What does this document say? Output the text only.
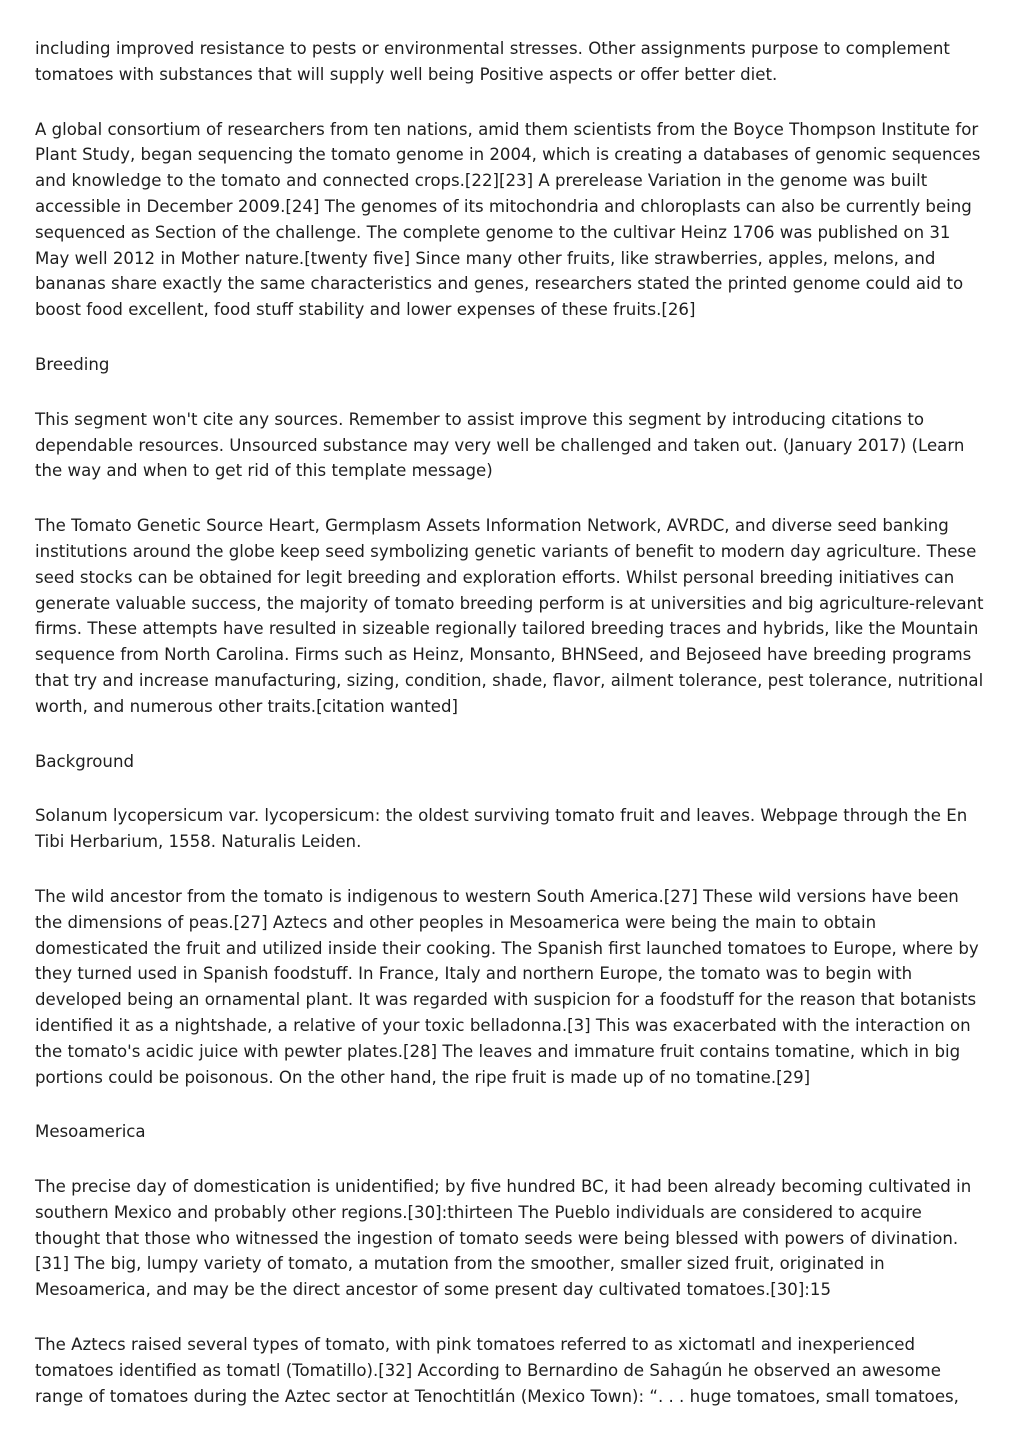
including improved resistance to pests or environmental stresses. Other assignments purpose to complement tomatoes with substances that will supply well being Positive aspects or offer better diet.

A global consortium of researchers from ten nations, amid them scientists from the Boyce Thompson Institute for Plant Study, began sequencing the tomato genome in 2004, which is creating a databases of genomic sequences and knowledge to the tomato and connected crops.[22][23] A prerelease Variation in the genome was built accessible in December 2009.[24] The genomes of its mitochondria and chloroplasts can also be currently being sequenced as Section of the challenge. The complete genome to the cultivar Heinz 1706 was published on 31 May well 2012 in Mother nature.[twenty five] Since many other fruits, like strawberries, apples, melons, and bananas share exactly the same characteristics and genes, researchers stated the printed genome could aid to boost food excellent, food stuff stability and lower expenses of these fruits.[26]

Breeding

This segment won't cite any sources. Remember to assist improve this segment by introducing citations to dependable resources. Unsourced substance may very well be challenged and taken out. (January 2017) (Learn the way and when to get rid of this template message)

The Tomato Genetic Source Heart, Germplasm Assets Information Network, AVRDC, and diverse seed banking institutions around the globe keep seed symbolizing genetic variants of benefit to modern day agriculture. These seed stocks can be obtained for legit breeding and exploration efforts. Whilst personal breeding initiatives can generate valuable success, the majority of tomato breeding perform is at universities and big agriculture-relevant firms. These attempts have resulted in sizeable regionally tailored breeding traces and hybrids, like the Mountain sequence from North Carolina. Firms such as Heinz, Monsanto, BHNSeed, and Bejoseed have breeding programs that try and increase manufacturing, sizing, condition, shade, flavor, ailment tolerance, pest tolerance, nutritional worth, and numerous other traits.[citation wanted]

Background

Solanum lycopersicum var. lycopersicum: the oldest surviving tomato fruit and leaves. Webpage through the En Tibi Herbarium, 1558. Naturalis Leiden.

The wild ancestor from the tomato is indigenous to western South America.[27] These wild versions have been the dimensions of peas.[27] Aztecs and other peoples in Mesoamerica were being the main to obtain domesticated the fruit and utilized inside their cooking. The Spanish first launched tomatoes to Europe, where by they turned used in Spanish foodstuff. In France, Italy and northern Europe, the tomato was to begin with developed being an ornamental plant. It was regarded with suspicion for a foodstuff for the reason that botanists identified it as a nightshade, a relative of your toxic belladonna.[3] This was exacerbated with the interaction on the tomato's acidic juice with pewter plates.[28] The leaves and immature fruit contains tomatine, which in big portions could be poisonous. On the other hand, the ripe fruit is made up of no tomatine.[29]

Mesoamerica

The precise day of domestication is unidentified; by five hundred BC, it had been already becoming cultivated in southern Mexico and probably other regions.[30]:thirteen The Pueblo individuals are considered to acquire thought that those who witnessed the ingestion of tomato seeds were being blessed with powers of divination.[31] The big, lumpy variety of tomato, a mutation from the smoother, smaller sized fruit, originated in Mesoamerica, and may be the direct ancestor of some present day cultivated tomatoes.[30]:15

The Aztecs raised several types of tomato, with pink tomatoes referred to as xictomatl and inexperienced tomatoes identified as tomatl (Tomatillo).[32] According to Bernardino de Sahagún he observed an awesome range of tomatoes during the Aztec sector at Tenochtitlán (Mexico Town): “. . . huge tomatoes, small tomatoes,
